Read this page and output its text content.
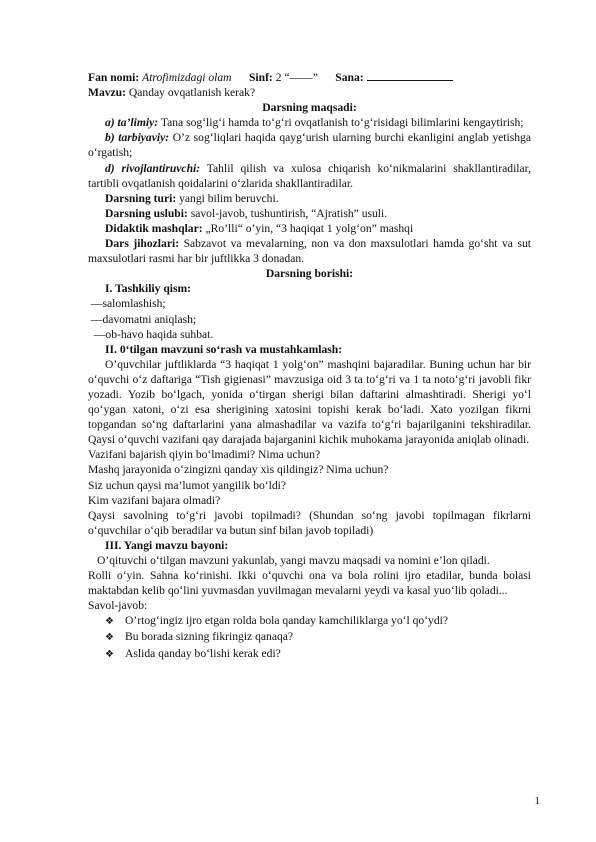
Fan nomi: Atrofimizdagi olam Sinf: 2 “——” Sana:
Mavzu: Qanday ovqatlanish kerak?
Darsning maqsadi:
a) ta’limiy: Tana sog‘lig‘i hamda to‘g‘ri ovqatlanish to‘g‘risidagi bilimlarini kengaytirish;
b) tarbiyaviy: O’z sog‘liqlari haqida qayg‘urish ularning burchi ekanligini anglab yetishga o‘rgatish;
d) rivojlantiruvchi: Tahlil qilish va xulosa chiqarish ko‘nikmalarini shakllantiradilar, tartibli ovqatlanish qoidalarini o‘zlarida shakllantiradilar.
Darsning turi: yangi bilim beruvchi.
Darsning uslubi: savol-javob, tushuntirish, “Ajratish” usuli.
Didaktik mashqlar: „Ro’lli“ o’yin, “3 haqiqat 1 yolg‘on” mashqi
Dars jihozlari: Sabzavot va mevalarning, non va don maxsulotlari hamda go‘sht va sut maxsulotlari rasmi har bir juftlikka 3 donadan.
Darsning borishi:
I. Tashkiliy qism:
—salomlashish;
—davomatni aniqlash;
—ob-havo haqida suhbat.
II. 0‘tilgan mavzuni so‘rash va mustahkamlash:
O’quvchilar juftliklarda “3 haqiqat 1 yolg‘on” mashqini bajaradilar. Buning uchun har bir o‘quvchi o‘z daftariga “Tish gigienasi” mavzusiga oid 3 ta to‘g‘ri va 1 ta noto‘g‘ri javobli fikr yozadi. Yozib bo‘lgach, yonida o‘tirgan sherigi bilan daftarini almashtiradi. Sherigi yo‘l qo‘ygan xatoni, o‘zi esa sherigining xatosini topishi kerak bo‘ladi. Xato yozilgan fikrni topgandan so‘ng daftarlarini yana almashadilar va vazifa to‘g‘ri bajarilganini tekshiradilar. Qaysi o‘quvchi vazifani qay darajada bajarganini kichik muhokama jarayonida aniqlab olinadi.
Vazifani bajarish qiyin bo‘lmadimi? Nima uchun?
Mashq jarayonida o‘zingizni qanday xis qildingiz? Nima uchun?
Siz uchun qaysi ma’lumot yangilik bo‘ldi?
Kim vazifani bajara olmadi?
Qaysi savolning to‘g‘ri javobi topilmadi? (Shundan so‘ng javobi topilmagan fikrlarni o‘quvchilar o‘qib beradilar va butun sinf bilan javob topiladi)
III. Yangi mavzu bayoni:
O’qituvchi o‘tilgan mavzuni yakunlab, yangi mavzu maqsadi va nomini e’lon qiladi.
Rolli o‘yin. Sahna ko‘rinishi. Ikki o‘quvchi ona va bola rolini ijro etadilar, bunda bolasi maktabdan kelib qo‘lini yuvmasdan yuvilmagan mevalarni yeydi va kasal yuo‘lib qoladi...
Savol-javob:
❖ O’rtog‘ingiz ijro etgan rolda bola qanday kamchiliklarga yo‘l qo‘ydi?
❖ Bu borada sizning fikringiz qanaqa?
❖ Aslida qanday bo‘lishi kerak edi?
1
